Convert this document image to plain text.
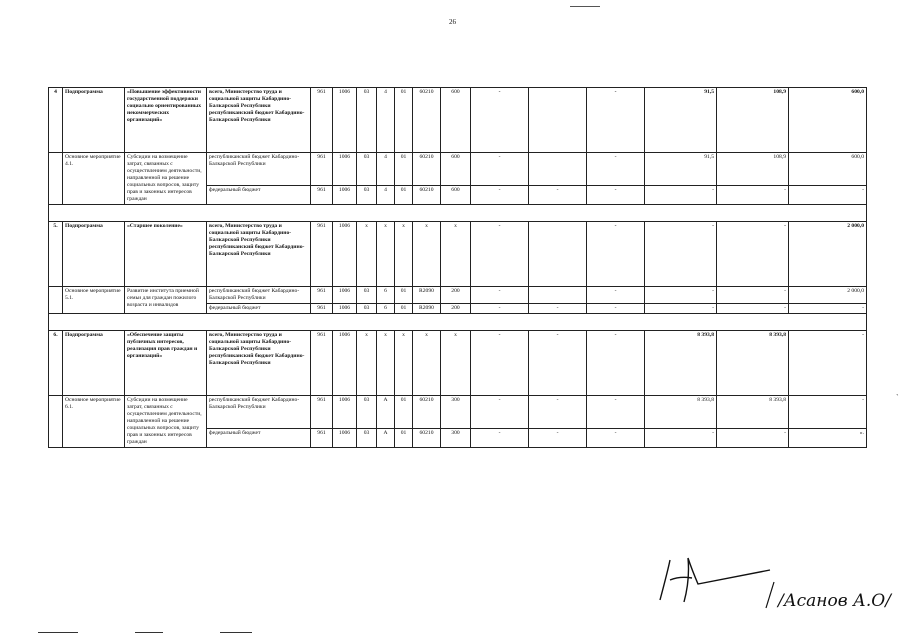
26
4	Подпрограмма	«Повышение эффективности государственной поддержки социально ориентированных некоммерческих организаций»	всего, Министерство труда и социальной защиты Кабардино-Балкарской Республики республиканский бюджет Кабардино-Балкарской Республики	961	1006	03	4	01	60210	600	-		-	91,5	108,9	600,0
	Основное мероприятие 4.1.	Субсидии на возмещение затрат, связанных с осуществлением деятельности, направленной на решение социальных вопросов, защиту прав и законных интересов граждан	республиканский бюджет Кабардино-Балкарской Республики	961	1006	03	4	01	60210	600	-		-	91,5	108,9	600,0
			федеральный бюджет	961	1006	03	4	01	60210	600	-	-	-	-	-	-

5.	Подпрограмма	«Старшее поколение»	всего, Министерство труда и социальной защиты Кабардино-Балкарской Республики республиканский бюджет Кабардино-Балкарской Республики	961	1006	x	x	x	x	x	-		-	-	-	2 000,0
	Основное мероприятие 5.1.	Развитие института приемной семьи для граждан пожилого возраста и инвалидов	республиканский бюджет Кабардино-Балкарской Республики	961	1006	03	6	01	R2090	200	-		-	-	-	2 000,0
			федеральный бюджет	961	1006	03	6	01	R2090	200	-	-	-	-	-	-

6.	Подпрограмма	«Обеспечение защиты публичных интересов, реализация прав граждан и организаций»	всего, Министерство труда и социальной защиты Кабардино-Балкарской Республики республиканский бюджет Кабардино-Балкарской Республики	961	1006	x	x	x	x	x	-	-	-	8 393,8	8 393,8	-
	Основное мероприятие 6.1.	Субсидии на возмещение затрат, связанных с осуществлением деятельности, направленной на решение социальных вопросов, защиту прав и законных интересов граждан	республиканский бюджет Кабардино-Балкарской Республики	961	1006	03	А	01	60210	300	-	-	-	8 393,8	8 393,8	-
			федеральный бюджет	961	1006	03	А	01	60210	300	-	-	-	-	-	».
`
/Асанов А.О/
